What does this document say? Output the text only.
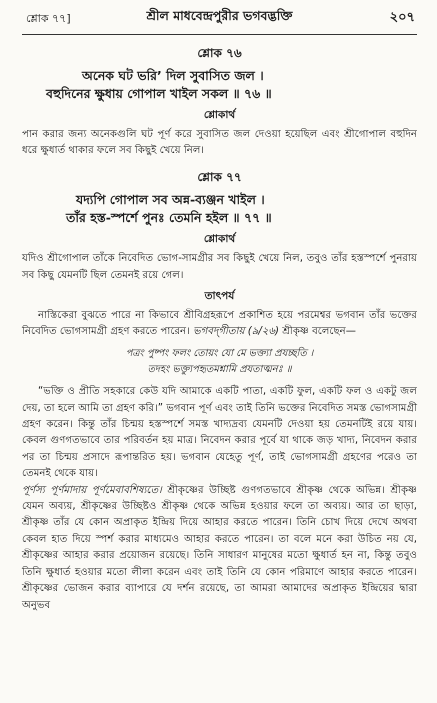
শ্লোক ৭৭]	শ্রীল মাধবেন্দ্রপুরীর ভগবদ্ভক্তি	২০৭
শ্লোক ৭৬
অনেক ঘট ভরি’ দিল সুবাসিত জল ।
বহুদিনের ক্ষুধায় গোপাল খাইল সকল ॥ ৭৬ ॥
শ্লোকার্থ
পান করার জন্য অনেকগুলি ঘট পূর্ণ করে সুবাসিত জল দেওয়া হয়েছিল এবং শ্রীগোপাল বহুদিন ধরে ক্ষুধার্ত থাকার ফলে সব কিছুই খেয়ে নিল।
শ্লোক ৭৭
যদ্যপি গোপাল সব অন্ন-ব্যঞ্জন খাইল ।
তাঁর হস্ত-স্পর্শে পুনঃ তেমনি হইল ॥ ৭৭ ॥
শ্লোকার্থ
যদিও শ্রীগোপাল তাঁকে নিবেদিত ভোগ-সামগ্রীর সব কিছুই খেয়ে নিল, তবুও তাঁর হস্তস্পর্শে পুনরায় সব কিছু যেমনটি ছিল তেমনই রয়ে গেল।
তাৎপর্য
নাস্তিকেরা বুঝতে পারে না কিভাবে শ্রীবিগ্রহরূপে প্রকাশিত হয়ে পরমেশ্বর ভগবান তাঁর ভক্তের নিবেদিত ভোগসামগ্রী গ্রহণ করতে পারেন। ভগবদ্‌গীতায় (৯/২৬) শ্রীকৃষ্ণ বলেছেন—
পত্রং পুষ্পং ফলং তোয়ং যো মে ভক্ত্যা প্রযচ্ছতি ।
তদহং ভক্ত্যুপহৃতমশ্নামি প্রযতাত্মনঃ ॥
“ভক্তি ও প্রীতি সহকারে কেউ যদি আমাকে একটি পাতা, একটি ফুল, একটি ফল ও একটু জল দেয়, তা হলে আমি তা গ্রহণ করি।” ভগবান পূর্ণ এবং তাই তিনি ভক্তের নিবেদিত সমস্ত ভোগসামগ্রী গ্রহণ করেন। কিন্তু তাঁর চিন্ময় হস্তস্পর্শে সমস্ত খাদ্যদ্রব্য যেমনটি দেওয়া হয় তেমনটিই রয়ে যায়। কেবল গুণগতভাবে তার পরিবর্তন হয় মাত্র। নিবেদন করার পূর্বে যা থাকে জড় খাদ্য, নিবেদন করার পর তা চিন্ময় প্রসাদে রূপান্তরিত হয়। ভগবান যেহেতু পূর্ণ, তাই ভোগসামগ্রী গ্রহণের পরেও তা তেমনই থেকে যায়।
পূর্ণস্য পূর্ণমাদায় পূর্ণমেবাবশিষ্যতে। শ্রীকৃষ্ণের উচ্ছিষ্ট গুণগতভাবে শ্রীকৃষ্ণ থেকে অভিন্ন। শ্রীকৃষ্ণ যেমন অব্যয়, শ্রীকৃষ্ণের উচ্ছিষ্টও শ্রীকৃষ্ণ থেকে অভিন্ন হওয়ার ফলে তা অব্যয়। আর তা ছাড়া, শ্রীকৃষ্ণ তাঁর যে কোন অপ্রাকৃত ইন্দ্রিয় দিয়ে আহার করতে পারেন। তিনি চোখ দিয়ে দেখে অথবা কেবল হাত দিয়ে স্পর্শ করার মাধ্যমেও আহার করতে পারেন। তা বলে মনে করা উচিত নয় যে, শ্রীকৃষ্ণের আহার করার প্রয়োজন রয়েছে। তিনি সাধারণ মানুষের মতো ক্ষুধার্ত হন না, কিন্তু তবুও তিনি ক্ষুধার্ত হওয়ার মতো লীলা করেন এবং তাই তিনি যে কোন পরিমাণে আহার করতে পারেন। শ্রীকৃষ্ণের ভোজন করার ব্যাপারে যে দর্শন রয়েছে, তা আমরা আমাদের অপ্রাকৃত ইন্দ্রিয়ের দ্বারা অনুভব
